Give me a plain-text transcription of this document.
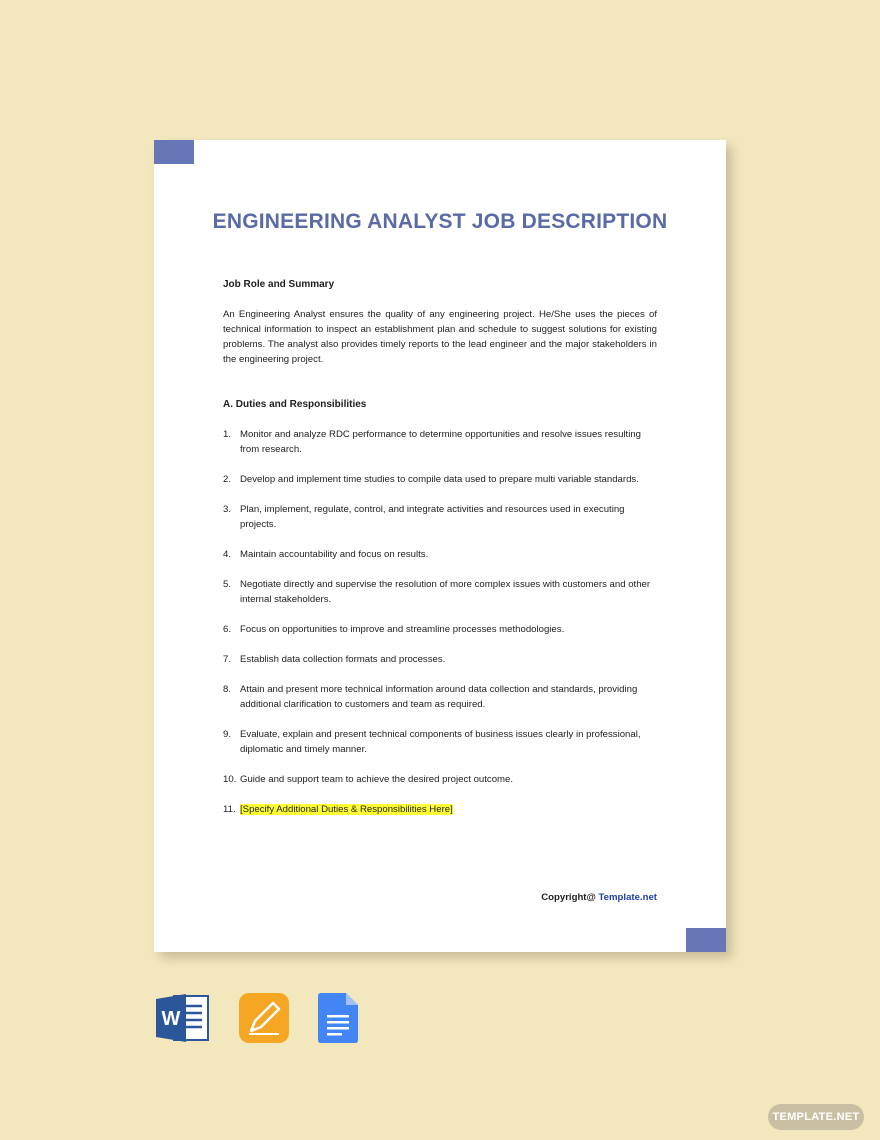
ENGINEERING ANALYST JOB DESCRIPTION
Job Role and Summary

An Engineering Analyst ensures the quality of any engineering project. He/She uses the pieces of technical information to inspect an establishment plan and schedule to suggest solutions for existing problems. The analyst also provides timely reports to the lead engineer and the major stakeholders in the engineering project.

A. Duties and Responsibilities
1. Monitor and analyze RDC performance to determine opportunities and resolve issues resulting from research.
2. Develop and implement time studies to compile data used to prepare multi variable standards.
3. Plan, implement, regulate, control, and integrate activities and resources used in executing projects.
4. Maintain accountability and focus on results.
5. Negotiate directly and supervise the resolution of more complex issues with customers and other internal stakeholders.
6. Focus on opportunities to improve and streamline processes methodologies.
7. Establish data collection formats and processes.
8. Attain and present more technical information around data collection and standards, providing additional clarification to customers and team as required.
9. Evaluate, explain and present technical components of business issues clearly in professional, diplomatic and timely manner.
10. Guide and support team to achieve the desired project outcome.
11. [Specify Additional Duties & Responsibilities Here]
Copyright@ Template.net
W
TEMPLATE.NET
